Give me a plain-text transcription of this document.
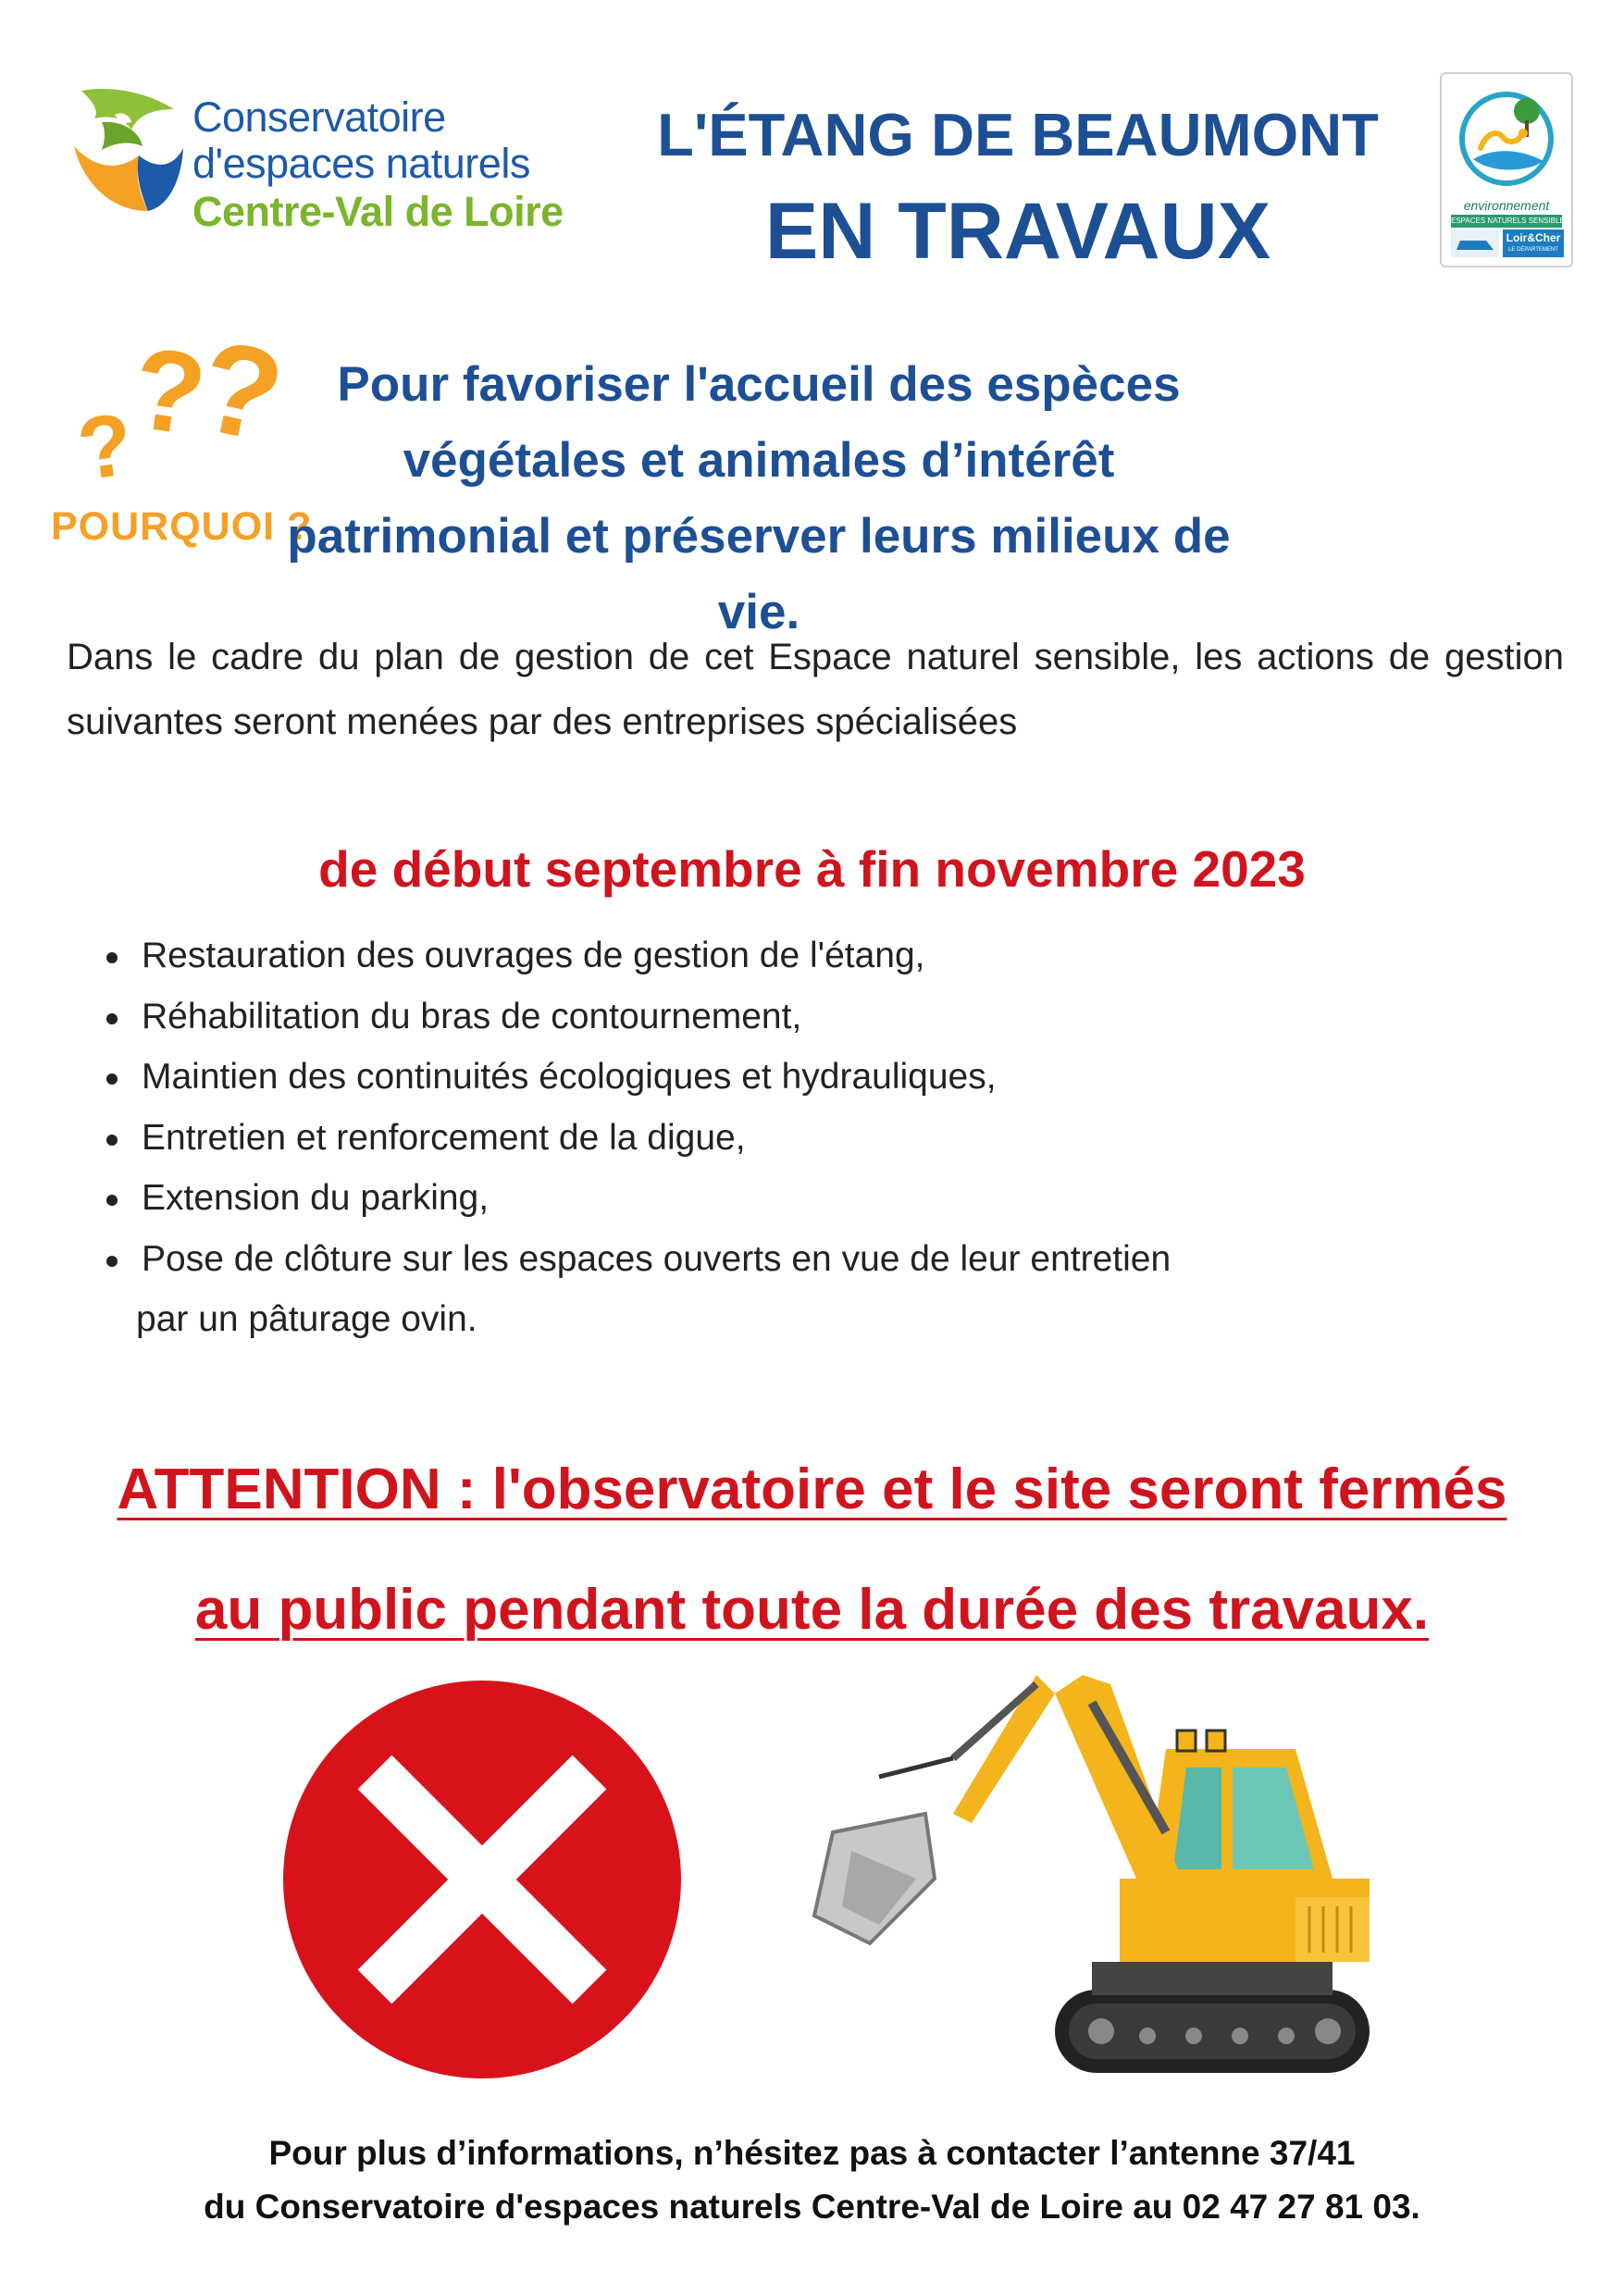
Conservatoire
d'espaces naturels
Centre-Val de Loire
L'ÉTANG DE BEAUMONT
EN TRAVAUX	environnement
ESPACES NATURELS SENSIBLES
Loir&Cher
LE DÉPARTEMENT
?
?
?
POURQUOI ?
Pour favoriser l'accueil des espèces végétales et animales d’intérêt patrimonial et préserver leurs milieux de vie.
Dans le cadre du plan de gestion de cet Espace naturel sensible, les actions de gestion suivantes seront menées par des entreprises spécialisées
de début septembre à fin novembre 2023
Restauration des ouvrages de gestion de l'étang,
Réhabilitation du bras de contournement,
Maintien des continuités écologiques et hydrauliques,
Entretien et renforcement de la digue,
Extension du parking,
Pose de clôture sur les espaces ouverts en vue de leur entretien
par un pâturage ovin.
ATTENTION : l'observatoire et le site seront fermés
au public pendant toute la durée des travaux.
Pour plus d’informations, n’hésitez pas à contacter l’antenne 37/41
du Conservatoire d'espaces naturels Centre-Val de Loire au 02 47 27 81 03.
